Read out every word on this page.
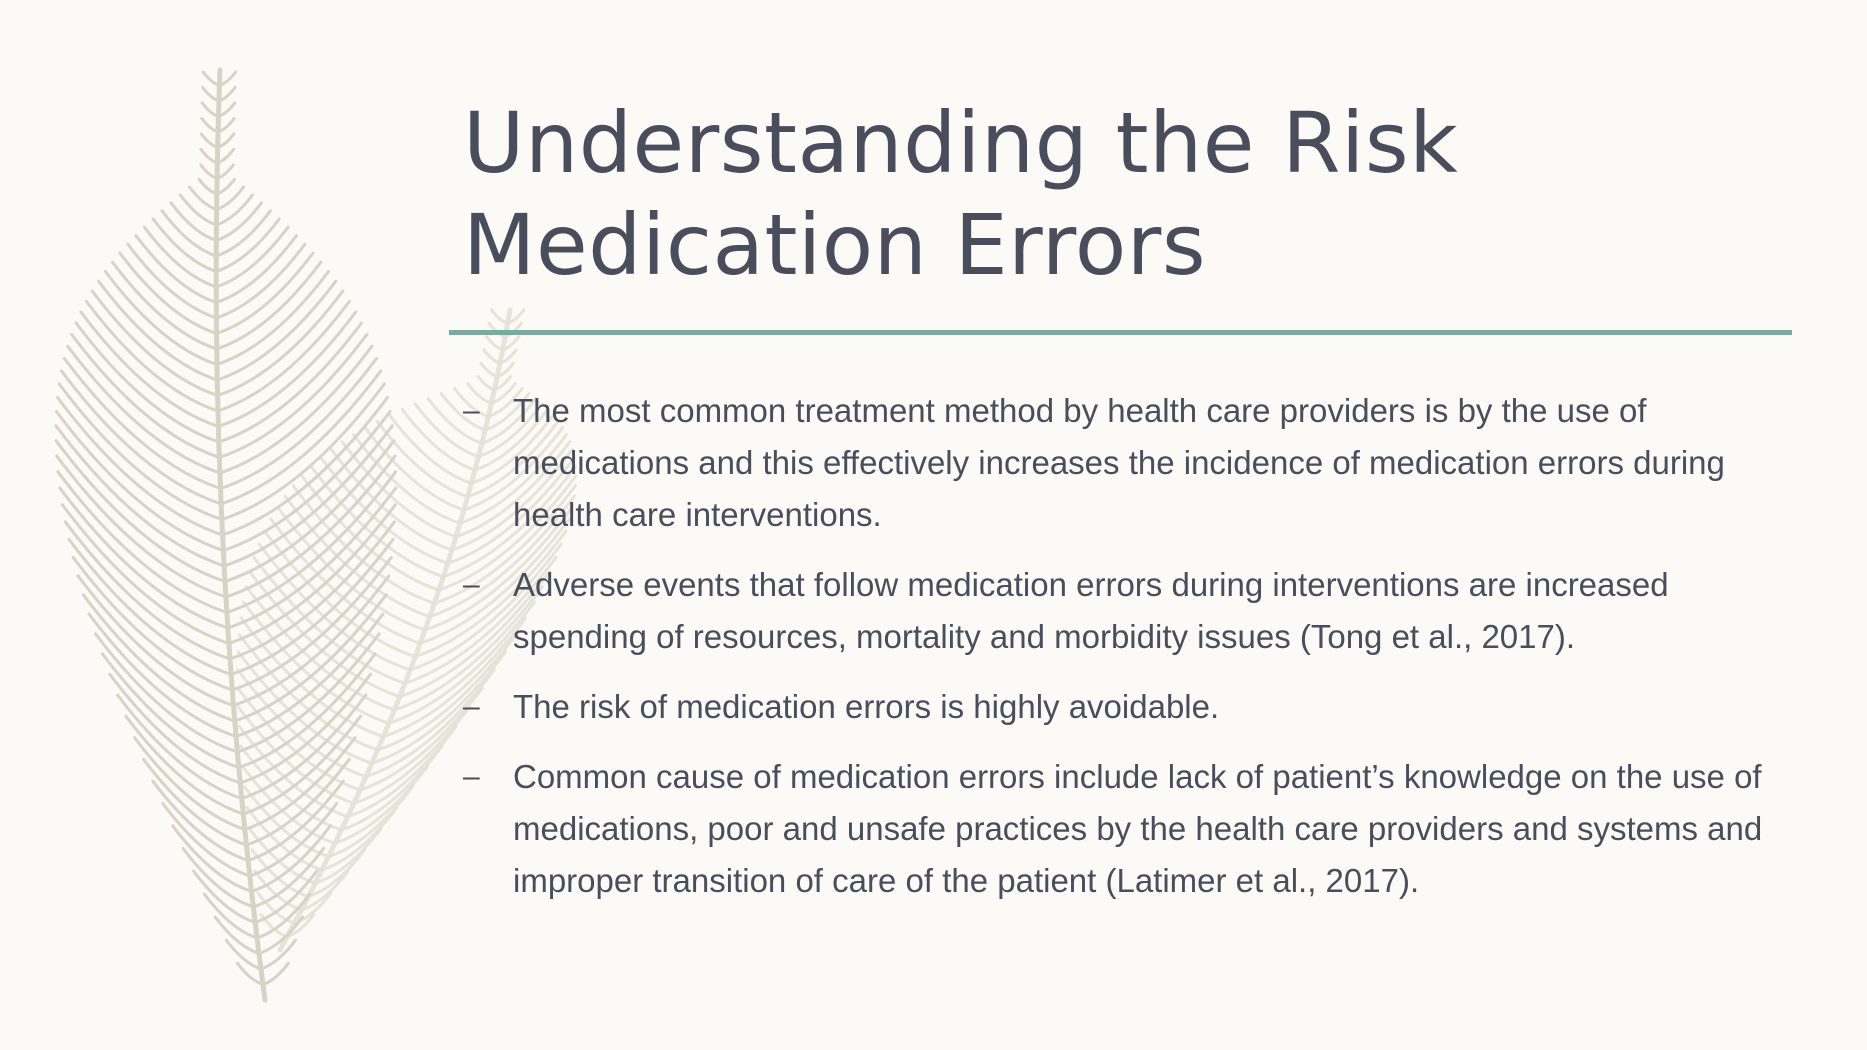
Understanding the Risk Medication Errors
–	The most common treatment method by health care providers is by the use of medications and this effectively increases the incidence of medication errors during health care interventions.
–	Adverse events that follow medication errors during interventions are increased spending of resources, mortality and morbidity issues (Tong et al., 2017).
–	The risk of medication errors is highly avoidable.
–	Common cause of medication errors include lack of patient’s knowledge on the use of medications, poor and unsafe practices by the health care providers and systems and improper transition of care of the patient (Latimer et al., 2017).
